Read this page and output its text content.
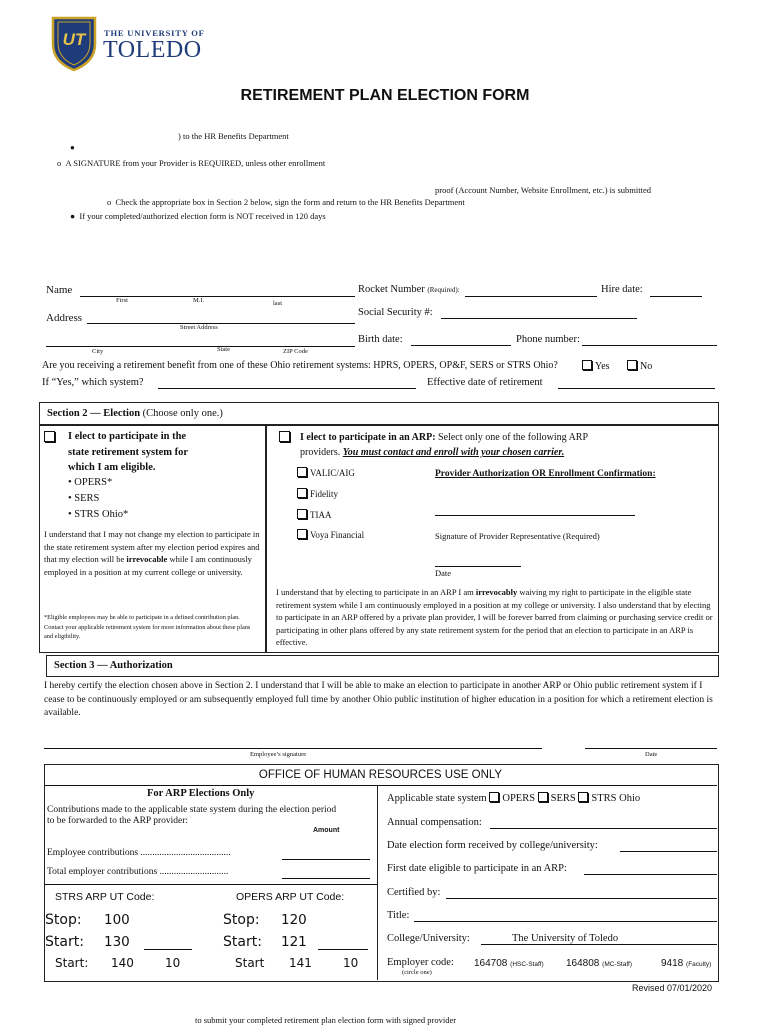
UT	THE UNIVERSITY OF
TOLEDO
RETIREMENT PLAN ELECTION FORM
) to the HR Benefits Department
●
o  A SIGNATURE from your Provider is REQUIRED, unless other enrollment
proof (Account Number, Website Enrollment, etc.) is submitted
o  Check the appropriate box in Section 2 below, sign the form and return to the HR Benefits Department
●  If your completed/authorized election form is NOT received in 120 days
Name
First	M.I.	last
Rocket Number (Required):	Hire date:
Address
Street Address
Social Security #:
City	State	ZIP Code
Birth date:	Phone number:
Are you receiving a retirement benefit from one of these Ohio retirement systems: HPRS, OPERS, OP&F, SERS or STRS Ohio?	Yes	No
If “Yes,” which system?	Effective date of retirement
Section 2 — Election (Choose only one.)
I elect to participate in the
state retirement system for
which I am eligible.
• OPERS*
• SERS
• STRS Ohio*
I understand that I may not change my election to participate in the state retirement system after my election period expires and that my election will be irrevocable while I am continuously employed in a position at my current college or university.
*Eligible employees may be able to participate in a defined contribution plan. Contact your applicable retirement system for more information about these plans and eligibility.
I elect to participate in an ARP: Select only one of the following ARP
providers. You must contact and enroll with your chosen carrier.
VALIC/AIG
Fidelity
TIAA
Voya Financial
Provider Authorization OR Enrollment Confirmation:
Signature of Provider Representative (Required)
Date
I understand that by electing to participate in an ARP I am irrevocably waiving my right to participate in the eligible state retirement system while I am continuously employed in a position at my college or university. I also understand that by electing to participate in an ARP offered by a private plan provider, I will be forever barred from claiming or purchasing service credit or participating in other plans offered by any state retirement system for the period that an election to participate in an ARP is effective.
Section 3 — Authorization
I hereby certify the election chosen above in Section 2. I understand that I will be able to make an election to participate in another ARP or Ohio public retirement system if I cease to be continuously employed or am subsequently employed full time by another Ohio public institution of higher education in a position for which a retirement election is available.
Employee’s signature	Date
OFFICE OF HUMAN RESOURCES USE ONLY
For ARP Elections Only
Contributions made to the applicable state system during the election period to be forwarded to the ARP provider:
Amount
Employee contributions ......................................
Total employer contributions .............................
STRS ARP UT Code:	OPERS ARP UT Code:
Stop: 100
Start: 130
Start: 140	10
Stop: 120
Start: 121
Start 141	10
Applicable state system OPERS SERS STRS Ohio
Annual compensation:
Date election form received by college/university:
First date eligible to participate in an ARP:
Certified by:
Title:
College/University:	The University of Toledo
Employer code:
(circle one)
164708 (HSC-Staff) 164808 (MC-Staff)	9418 (Faculty)
Revised 07/01/2020
to submit your completed retirement plan election form with signed provider
